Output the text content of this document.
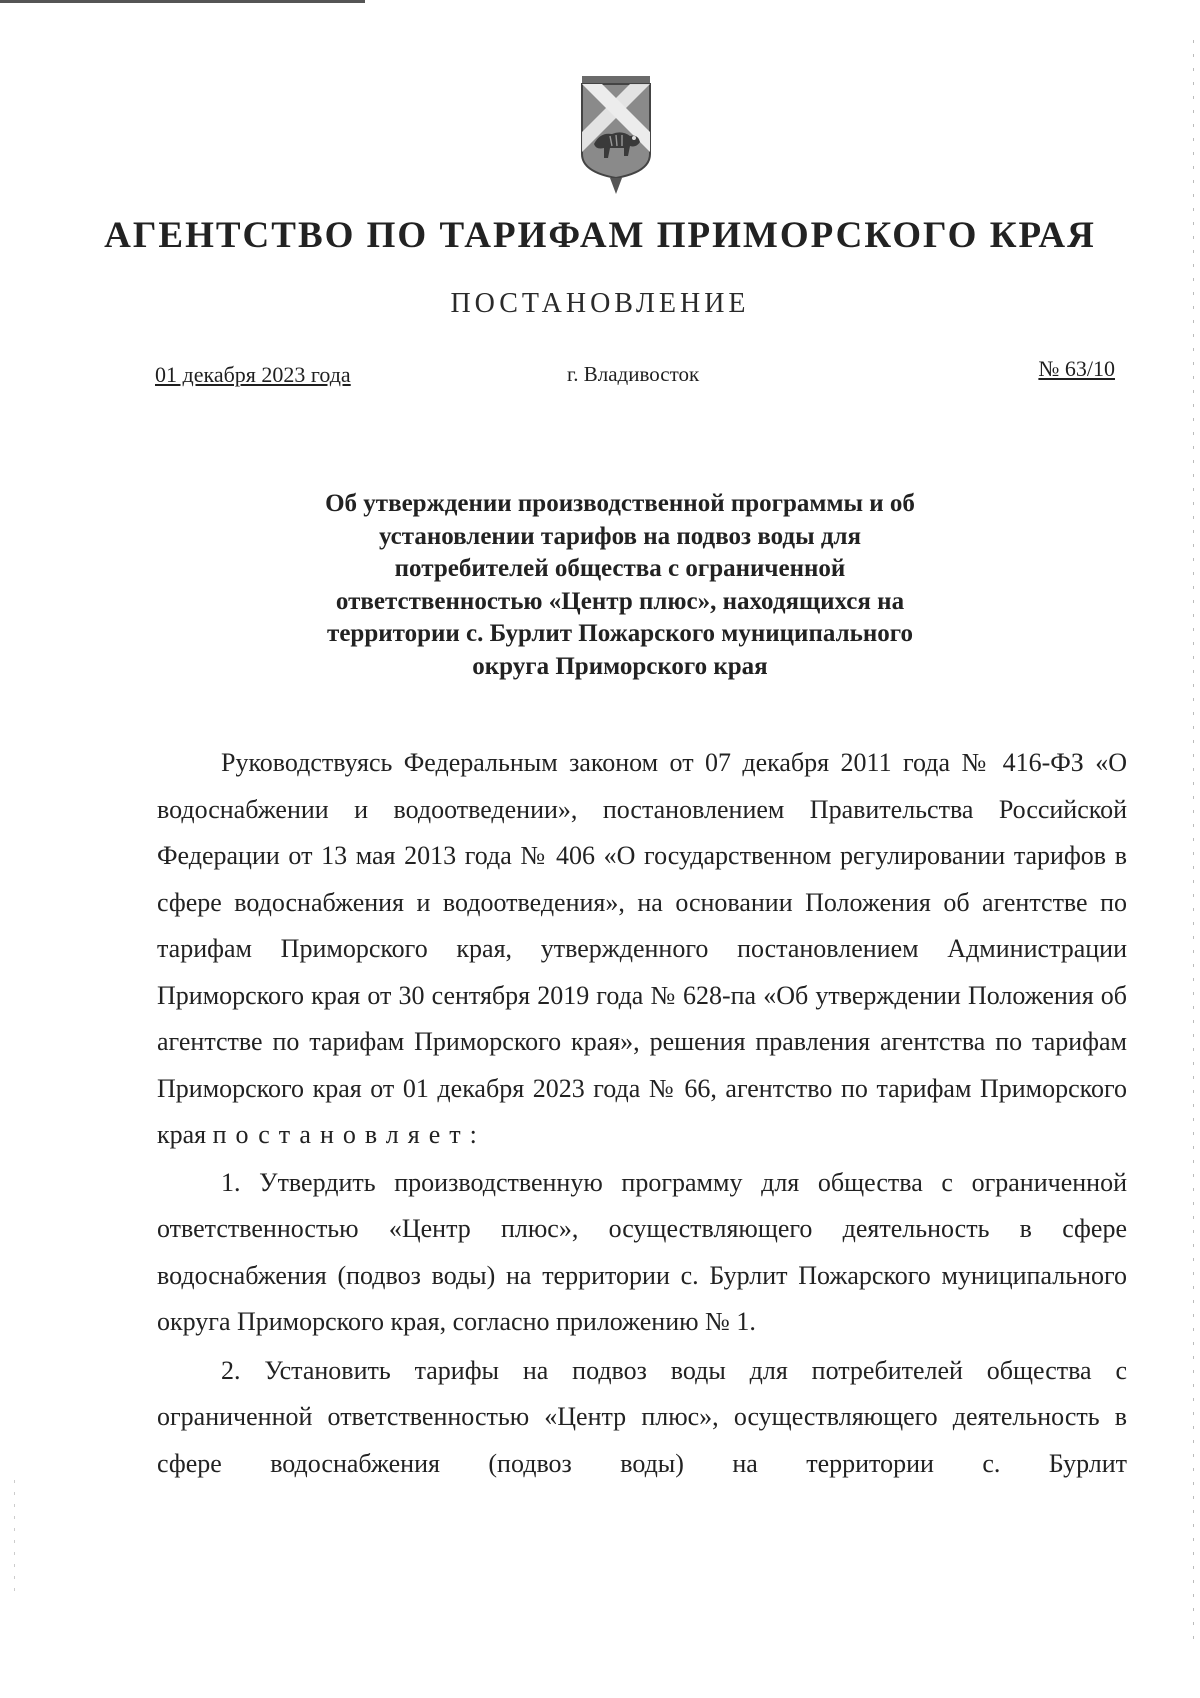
АГЕНТСТВО ПО ТАРИФАМ ПРИМОРСКОГО КРАЯ
ПОСТАНОВЛЕНИЕ
01 декабря 2023 года	г. Владивосток	№ 63/10
Об утверждении производственной программы и об установлении тарифов на подвоз воды для потребителей общества с ограниченной ответственностью «Центр плюс», находящихся на территории с. Бурлит Пожарского муниципального округа Приморского края

Руководствуясь Федеральным законом от 07 декабря 2011 года № 416-ФЗ «О водоснабжении и водоотведении», постановлением Правительства Российской Федерации от 13 мая 2013 года № 406 «О государственном регулировании тарифов в сфере водоснабжения и водоотведения», на основании Положения об агентстве по тарифам Приморского края, утвержденного постановлением Администрации Приморского края от 30 сентября 2019 года № 628-па «Об утверждении Положения об агентстве по тарифам Приморского края», решения правления агентства по тарифам Приморского края от 01 декабря 2023 года № 66, агентство по тарифам Приморского края постановляет:

1. Утвердить производственную программу для общества с ограниченной ответственностью «Центр плюс», осуществляющего деятельность в сфере водоснабжения (подвоз воды) на территории с. Бурлит Пожарского муниципального округа Приморского края, согласно приложению № 1.

2. Установить тарифы на подвоз воды для потребителей общества с ограниченной ответственностью «Центр плюс», осуществляющего деятельность в сфере водоснабжения (подвоз воды) на территории с. Бурлит
